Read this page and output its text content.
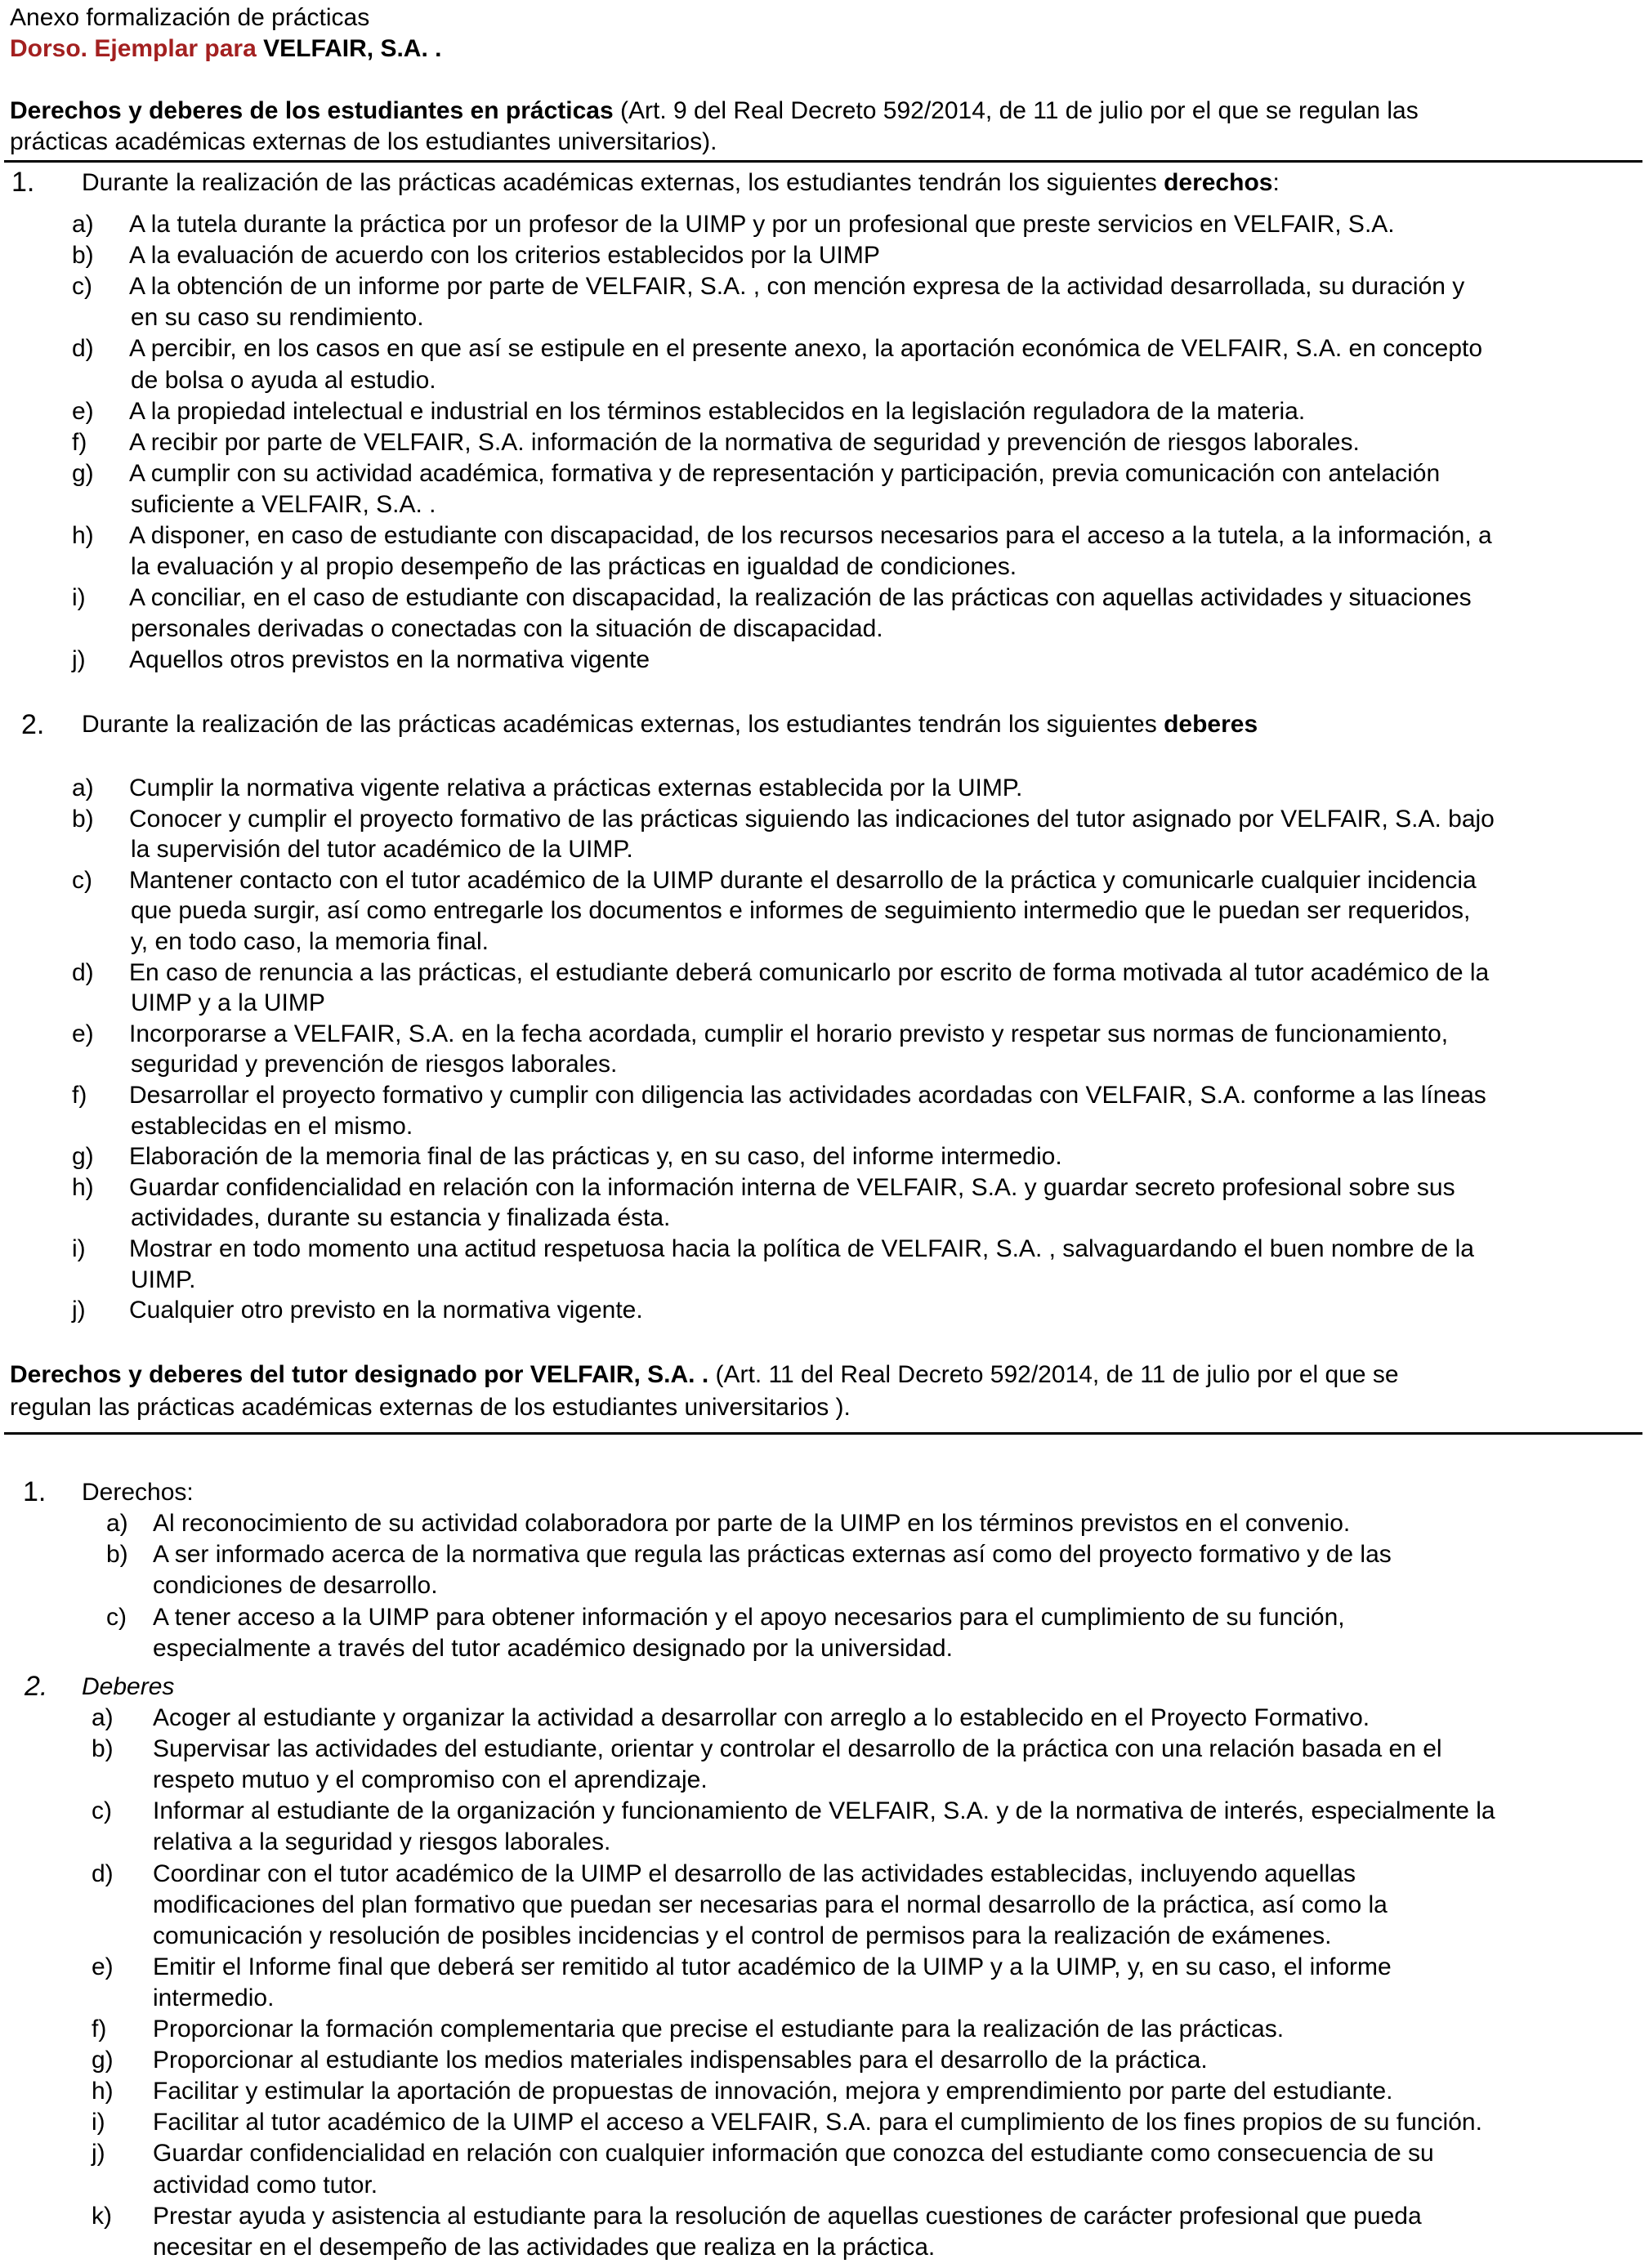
Anexo formalización de prácticas
Dorso. Ejemplar para VELFAIR, S.A. .
Derechos y deberes de los estudiantes en prácticas (Art. 9 del Real Decreto 592/2014, de 11 de julio por el que se regulan las
prácticas académicas externas de los estudiantes universitarios).
1. Durante la realización de las prácticas académicas externas, los estudiantes tendrán los siguientes derechos:
a) A la tutela durante la práctica por un profesor de la UIMP y por un profesional que preste servicios en VELFAIR, S.A.
b) A la evaluación de acuerdo con los criterios establecidos por la UIMP
c) A la obtención de un informe por parte de VELFAIR, S.A. , con mención expresa de la actividad desarrollada, su duración y
en su caso su rendimiento.
d) A percibir, en los casos en que así se estipule en el presente anexo, la aportación económica de VELFAIR, S.A. en concepto
de bolsa o ayuda al estudio.
e) A la propiedad intelectual e industrial en los términos establecidos en la legislación reguladora de la materia.
f) A recibir por parte de VELFAIR, S.A. información de la normativa de seguridad y prevención de riesgos laborales.
g) A cumplir con su actividad académica, formativa y de representación y participación, previa comunicación con antelación
suficiente a VELFAIR, S.A. .
h) A disponer, en caso de estudiante con discapacidad, de los recursos necesarios para el acceso a la tutela, a la información, a
la evaluación y al propio desempeño de las prácticas en igualdad de condiciones.
i) A conciliar, en el caso de estudiante con discapacidad, la realización de las prácticas con aquellas actividades y situaciones
personales derivadas o conectadas con la situación de discapacidad.
j) Aquellos otros previstos en la normativa vigente
2. Durante la realización de las prácticas académicas externas, los estudiantes tendrán los siguientes deberes
a) Cumplir la normativa vigente relativa a prácticas externas establecida por la UIMP.
b) Conocer y cumplir el proyecto formativo de las prácticas siguiendo las indicaciones del tutor asignado por VELFAIR, S.A. bajo
la supervisión del tutor académico de la UIMP.
c) Mantener contacto con el tutor académico de la UIMP durante el desarrollo de la práctica y comunicarle cualquier incidencia
que pueda surgir, así como entregarle los documentos e informes de seguimiento intermedio que le puedan ser requeridos,
y, en todo caso, la memoria final.
d) En caso de renuncia a las prácticas, el estudiante deberá comunicarlo por escrito de forma motivada al tutor académico de la
UIMP y a la UIMP
e) Incorporarse a VELFAIR, S.A. en la fecha acordada, cumplir el horario previsto y respetar sus normas de funcionamiento,
seguridad y prevención de riesgos laborales.
f) Desarrollar el proyecto formativo y cumplir con diligencia las actividades acordadas con VELFAIR, S.A. conforme a las líneas
establecidas en el mismo.
g) Elaboración de la memoria final de las prácticas y, en su caso, del informe intermedio.
h) Guardar confidencialidad en relación con la información interna de VELFAIR, S.A. y guardar secreto profesional sobre sus
actividades, durante su estancia y finalizada ésta.
i) Mostrar en todo momento una actitud respetuosa hacia la política de VELFAIR, S.A. , salvaguardando el buen nombre de la
UIMP.
j) Cualquier otro previsto en la normativa vigente.
Derechos y deberes del tutor designado por VELFAIR, S.A. . (Art. 11 del Real Decreto 592/2014, de 11 de julio por el que se
regulan las prácticas académicas externas de los estudiantes universitarios ).
1. Derechos:
a) Al reconocimiento de su actividad colaboradora por parte de la UIMP en los términos previstos en el convenio.
b) A ser informado acerca de la normativa que regula las prácticas externas así como del proyecto formativo y de las
condiciones de desarrollo.
c) A tener acceso a la UIMP para obtener información y el apoyo necesarios para el cumplimiento de su función,
especialmente a través del tutor académico designado por la universidad.
2. Deberes
a) Acoger al estudiante y organizar la actividad a desarrollar con arreglo a lo establecido en el Proyecto Formativo.
b) Supervisar las actividades del estudiante, orientar y controlar el desarrollo de la práctica con una relación basada en el
respeto mutuo y el compromiso con el aprendizaje.
c) Informar al estudiante de la organización y funcionamiento de VELFAIR, S.A. y de la normativa de interés, especialmente la
relativa a la seguridad y riesgos laborales.
d) Coordinar con el tutor académico de la UIMP el desarrollo de las actividades establecidas, incluyendo aquellas
modificaciones del plan formativo que puedan ser necesarias para el normal desarrollo de la práctica, así como la
comunicación y resolución de posibles incidencias y el control de permisos para la realización de exámenes.
e) Emitir el Informe final que deberá ser remitido al tutor académico de la UIMP y a la UIMP, y, en su caso, el informe
intermedio.
f) Proporcionar la formación complementaria que precise el estudiante para la realización de las prácticas.
g) Proporcionar al estudiante los medios materiales indispensables para el desarrollo de la práctica.
h) Facilitar y estimular la aportación de propuestas de innovación, mejora y emprendimiento por parte del estudiante.
i) Facilitar al tutor académico de la UIMP el acceso a VELFAIR, S.A. para el cumplimiento de los fines propios de su función.
j) Guardar confidencialidad en relación con cualquier información que conozca del estudiante como consecuencia de su
actividad como tutor.
k) Prestar ayuda y asistencia al estudiante para la resolución de aquellas cuestiones de carácter profesional que pueda
necesitar en el desempeño de las actividades que realiza en la práctica.
